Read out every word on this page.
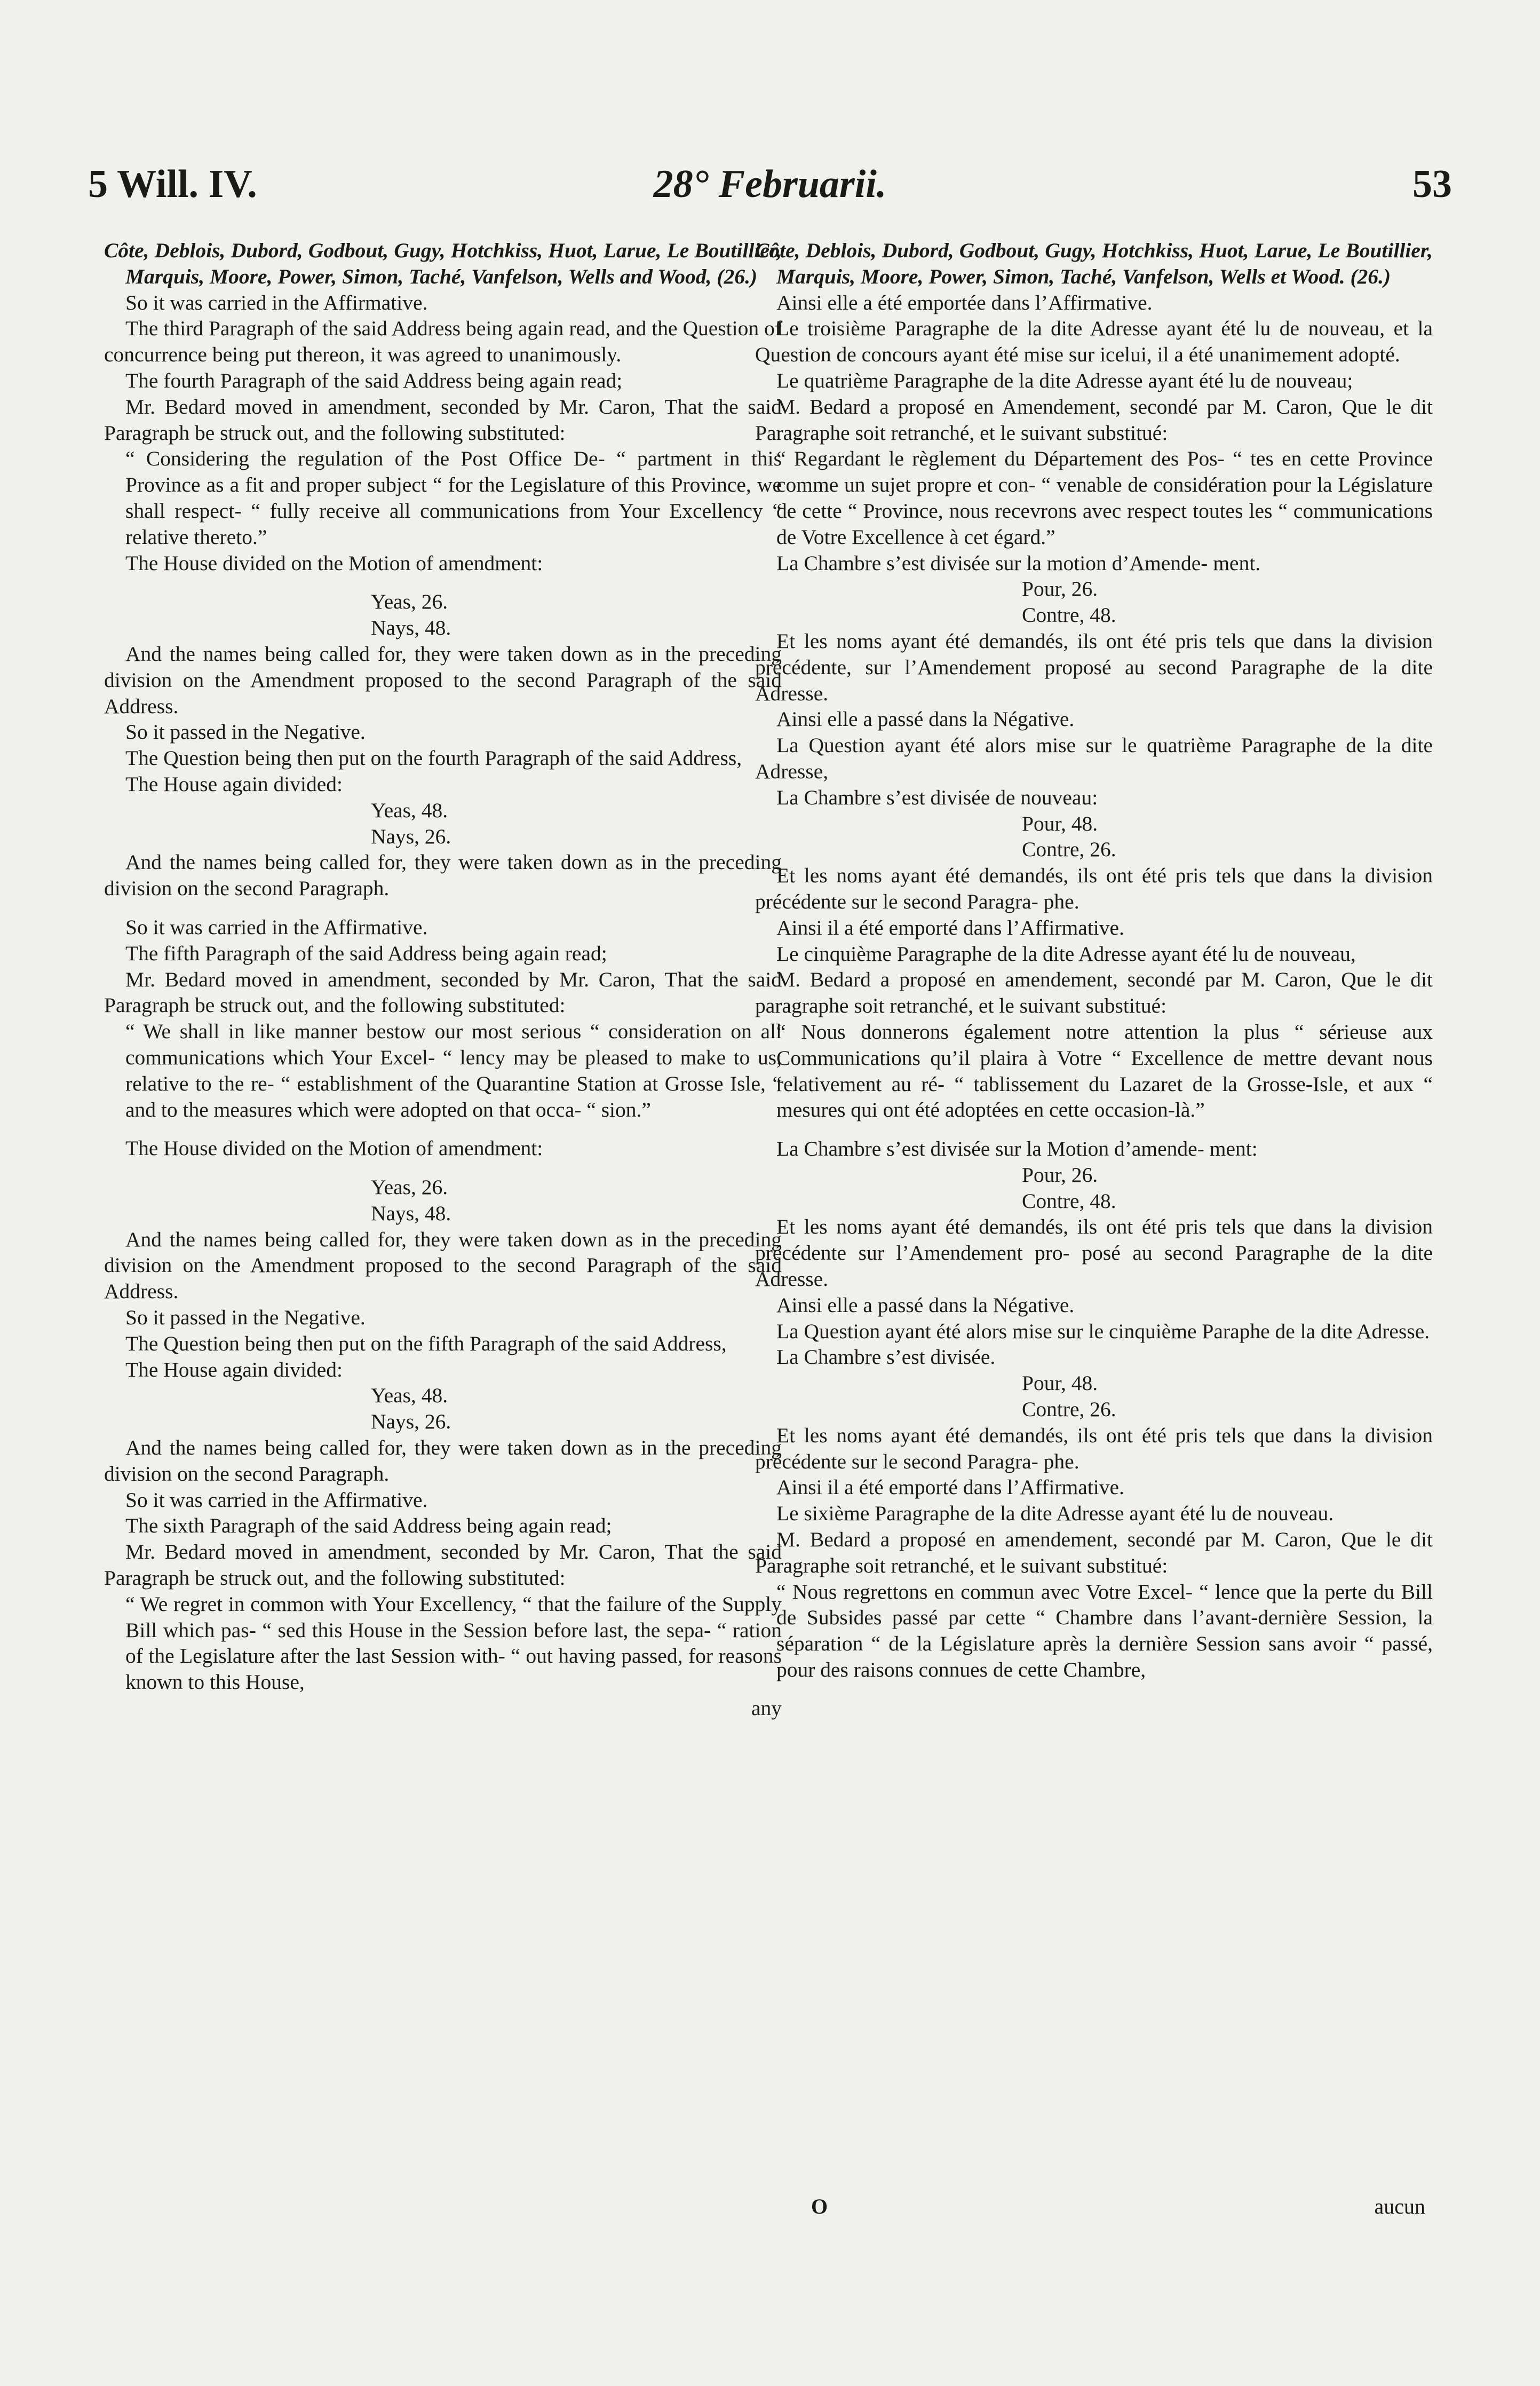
5 Will. IV.	28° Februarii.	53

Côte, Deblois, Dubord, Godbout, Gugy, Hotchkiss, Huot, Larue, Le Boutillier, Marquis, Moore, Power, Simon, Taché, Vanfelson, Wells and Wood, (26.)

So it was carried in the Affirmative.

The third Paragraph of the said Address being again read, and the Question of concurrence being put thereon, it was agreed to unanimously.

The fourth Paragraph of the said Address being again read;

Mr. Bedard moved in amendment, seconded by Mr. Caron, That the said Paragraph be struck out, and the following substituted:

“ Considering the regulation of the Post Office De- “ partment in this Province as a fit and proper subject “ for the Legislature of this Province, we shall respect- “ fully receive all communications from Your Excellency “ relative thereto.”

The House divided on the Motion of amendment:

Yeas, 26.

Nays, 48.

And the names being called for, they were taken down as in the preceding division on the Amendment proposed to the second Paragraph of the said Address.

So it passed in the Negative.

The Question being then put on the fourth Paragraph of the said Address,

The House again divided:

Yeas, 48.

Nays, 26.

And the names being called for, they were taken down as in the preceding division on the second Paragraph.

So it was carried in the Affirmative.

The fifth Paragraph of the said Address being again read;

Mr. Bedard moved in amendment, seconded by Mr. Caron, That the said Paragraph be struck out, and the following substituted:

“ We shall in like manner bestow our most serious “ consideration on all communications which Your Excel- “ lency may be pleased to make to us, relative to the re- “ establishment of the Quarantine Station at Grosse Isle, “ and to the measures which were adopted on that occa- “ sion.”

The House divided on the Motion of amendment:

Yeas, 26.

Nays, 48.

And the names being called for, they were taken down as in the preceding division on the Amendment proposed to the second Paragraph of the said Address.

So it passed in the Negative.

The Question being then put on the fifth Paragraph of the said Address,

The House again divided:

Yeas, 48.

Nays, 26.

And the names being called for, they were taken down as in the preceding division on the second Paragraph.

So it was carried in the Affirmative.

The sixth Paragraph of the said Address being again read;

Mr. Bedard moved in amendment, seconded by Mr. Caron, That the said Paragraph be struck out, and the following substituted:

“ We regret in common with Your Excellency, “ that the failure of the Supply Bill which pas- “ sed this House in the Session before last, the sepa- “ ration of the Legislature after the last Session with- “ out having passed, for reasons known to this House,

any

Côte, Deblois, Dubord, Godbout, Gugy, Hotchkiss, Huot, Larue, Le Boutillier, Marquis, Moore, Power, Simon, Taché, Vanfelson, Wells et Wood. (26.)

Ainsi elle a été emportée dans l’Affirmative.

Le troisième Paragraphe de la dite Adresse ayant été lu de nouveau, et la Question de concours ayant été mise sur icelui, il a été unanimement adopté.

Le quatrième Paragraphe de la dite Adresse ayant été lu de nouveau;

M. Bedard a proposé en Amendement, secondé par M. Caron, Que le dit Paragraphe soit retranché, et le suivant substitué:

“ Regardant le règlement du Département des Pos- “ tes en cette Province comme un sujet propre et con- “ venable de considération pour la Législature de cette “ Province, nous recevrons avec respect toutes les “ communications de Votre Excellence à cet égard.”

La Chambre s’est divisée sur la motion d’Amende- ment.

Pour, 26.

Contre, 48.

Et les noms ayant été demandés, ils ont été pris tels que dans la division précédente, sur l’Amendement proposé au second Paragraphe de la dite Adresse.

Ainsi elle a passé dans la Négative.

La Question ayant été alors mise sur le quatrième Paragraphe de la dite Adresse,

La Chambre s’est divisée de nouveau:

Pour, 48.

Contre, 26.

Et les noms ayant été demandés, ils ont été pris tels que dans la division précédente sur le second Paragra- phe.

Ainsi il a été emporté dans l’Affirmative.

Le cinquième Paragraphe de la dite Adresse ayant été lu de nouveau,

M. Bedard a proposé en amendement, secondé par M. Caron, Que le dit paragraphe soit retranché, et le suivant substitué:

“ Nous donnerons également notre attention la plus “ sérieuse aux Communications qu’il plaira à Votre “ Excellence de mettre devant nous relativement au ré- “ tablissement du Lazaret de la Grosse-Isle, et aux “ mesures qui ont été adoptées en cette occasion-là.”

La Chambre s’est divisée sur la Motion d’amende- ment:

Pour, 26.

Contre, 48.

Et les noms ayant été demandés, ils ont été pris tels que dans la division précédente sur l’Amendement pro- posé au second Paragraphe de la dite Adresse.

Ainsi elle a passé dans la Négative.

La Question ayant été alors mise sur le cinquième Paraphe de la dite Adresse.

La Chambre s’est divisée.

Pour, 48.

Contre, 26.

Et les noms ayant été demandés, ils ont été pris tels que dans la division précédente sur le second Paragra- phe.

Ainsi il a été emporté dans l’Affirmative.

Le sixième Paragraphe de la dite Adresse ayant été lu de nouveau.

M. Bedard a proposé en amendement, secondé par M. Caron, Que le dit Paragraphe soit retranché, et le suivant substitué:

“ Nous regrettons en commun avec Votre Excel- “ lence que la perte du Bill de Subsides passé par cette “ Chambre dans l’avant-dernière Session, la séparation “ de la Législature après la dernière Session sans avoir “ passé, pour des raisons connues de cette Chambre,

O	aucun
